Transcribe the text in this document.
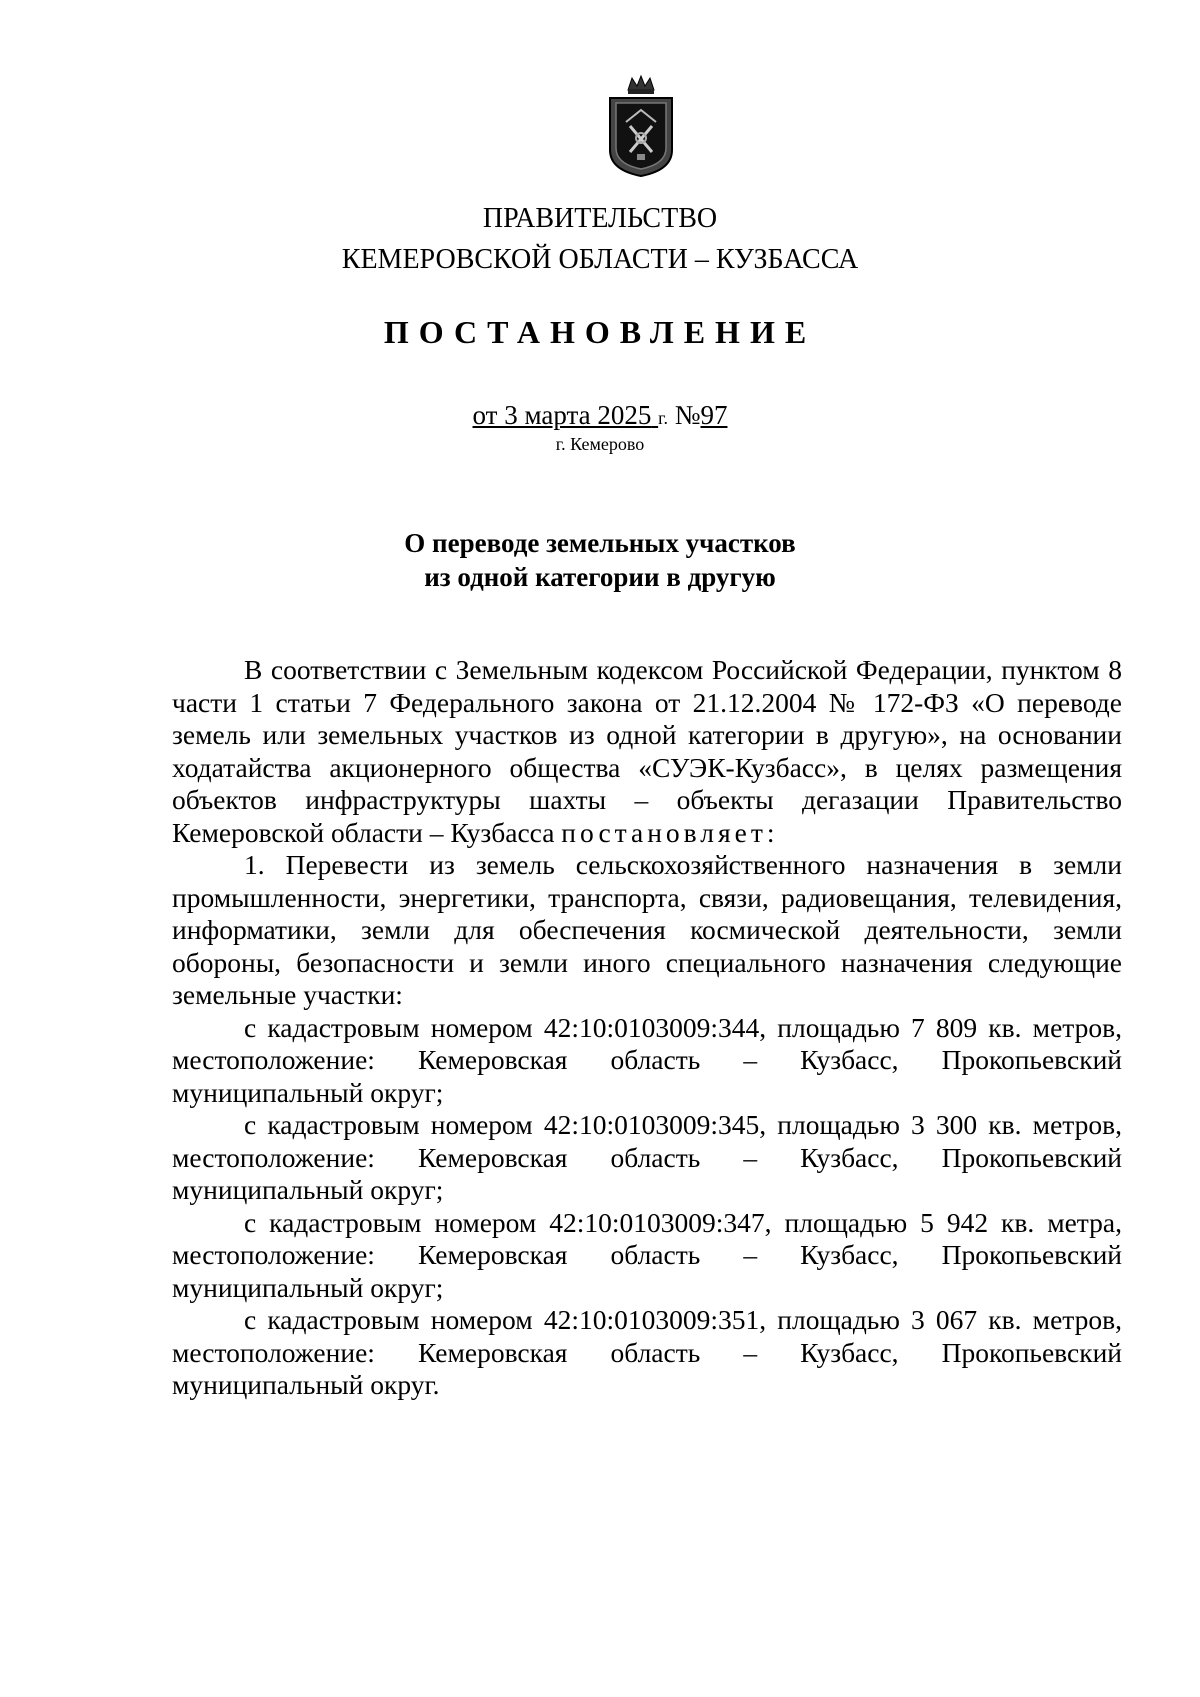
ПРАВИТЕЛЬСТВО
КЕМЕРОВСКОЙ ОБЛАСТИ – КУЗБАССА
ПОСТАНОВЛЕНИЕ
от 3 марта 2025 г. №97
г. Кемерово
О переводе земельных участков
из одной категории в другую

В соответствии с Земельным кодексом Российской Федерации, пунктом 8 части 1 статьи 7 Федерального закона от 21.12.2004 № 172-ФЗ «О переводе земель или земельных участков из одной категории в другую», на основании ходатайства акционерного общества «СУЭК-Кузбасс», в целях размещения объектов инфраструктуры шахты – объекты дегазации Правительство Кемеровской области – Кузбасса постановляет:

1. Перевести из земель сельскохозяйственного назначения в земли промышленности, энергетики, транспорта, связи, радиовещания, телевидения, информатики, земли для обеспечения космической деятельности, земли обороны, безопасности и земли иного специального назначения следующие земельные участки:

с кадастровым номером 42:10:0103009:344, площадью 7 809 кв. метров, местоположение: Кемеровская область – Кузбасс, Прокопьевский муниципальный округ;

с кадастровым номером 42:10:0103009:345, площадью 3 300 кв. метров, местоположение: Кемеровская область – Кузбасс, Прокопьевский муниципальный округ;

с кадастровым номером 42:10:0103009:347, площадью 5 942 кв. метра, местоположение: Кемеровская область – Кузбасс, Прокопьевский муниципальный округ;

с кадастровым номером 42:10:0103009:351, площадью 3 067 кв. метров, местоположение: Кемеровская область – Кузбасс, Прокопьевский муниципальный округ.
